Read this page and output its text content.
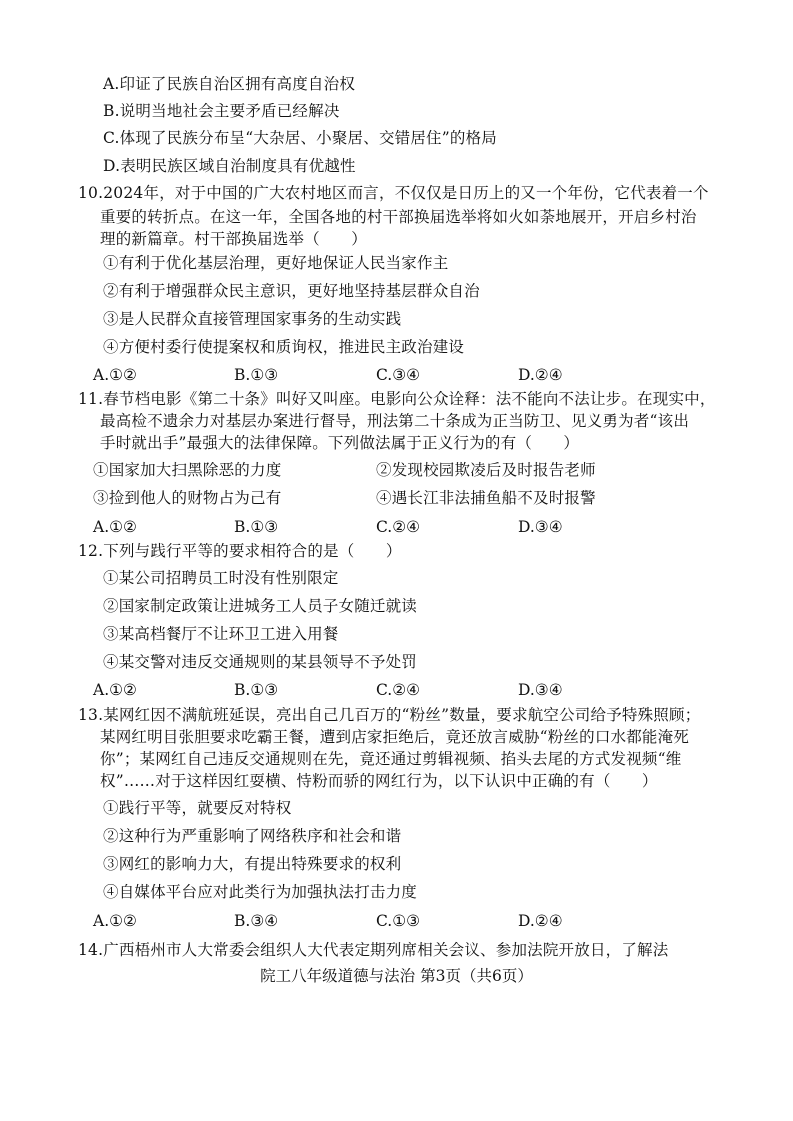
A.印证了民族自治区拥有高度自治权
B.说明当地社会主要矛盾已经解决
C.体现了民族分布呈“大杂居、小聚居、交错居住”的格局
D.表明民族区域自治制度具有优越性
10.2024年，对于中国的广大农村地区而言，不仅仅是日历上的又一个年份，它代表着一个
重要的转折点。在这一年，全国各地的村干部换届选举将如火如荼地展开，开启乡村治
理的新篇章。村干部换届选举（　　）
①有利于优化基层治理，更好地保证人民当家作主
②有利于增强群众民主意识，更好地坚持基层群众自治
③是人民群众直接管理国家事务的生动实践
④方便村委行使提案权和质询权，推进民主政治建设
A.①②	B.①③	C.③④	D.②④
11.春节档电影《第二十条》叫好又叫座。电影向公众诠释：法不能向不法让步。在现实中，
最高检不遗余力对基层办案进行督导，刑法第二十条成为正当防卫、见义勇为者“该出
手时就出手”最强大的法律保障。下列做法属于正义行为的有（　　）
①国家加大扫黑除恶的力度	②发现校园欺凌后及时报告老师
③捡到他人的财物占为己有	④遇长江非法捕鱼船不及时报警
A.①②	B.①③	C.②④	D.③④
12.下列与践行平等的要求相符合的是（　　）
①某公司招聘员工时没有性别限定
②国家制定政策让进城务工人员子女随迁就读
③某高档餐厅不让环卫工进入用餐
④某交警对违反交通规则的某县领导不予处罚
A.①②	B.①③	C.②④	D.③④
13.某网红因不满航班延误，亮出自己几百万的“粉丝”数量，要求航空公司给予特殊照顾；
某网红明目张胆要求吃霸王餐，遭到店家拒绝后，竟还放言威胁“粉丝的口水都能淹死
你”；某网红自己违反交通规则在先，竟还通过剪辑视频、掐头去尾的方式发视频“维
权”……对于这样因红耍横、恃粉而骄的网红行为，以下认识中正确的有（　　）
①践行平等，就要反对特权
②这种行为严重影响了网络秩序和社会和谐
③网红的影响力大，有提出特殊要求的权利
④自媒体平台应对此类行为加强执法打击力度
A.①②	B.③④	C.①③	D.②④
14.广西梧州市人大常委会组织人大代表定期列席相关会议、参加法院开放日，了解法
院工八年级道德与法治 第3页（共6页）
